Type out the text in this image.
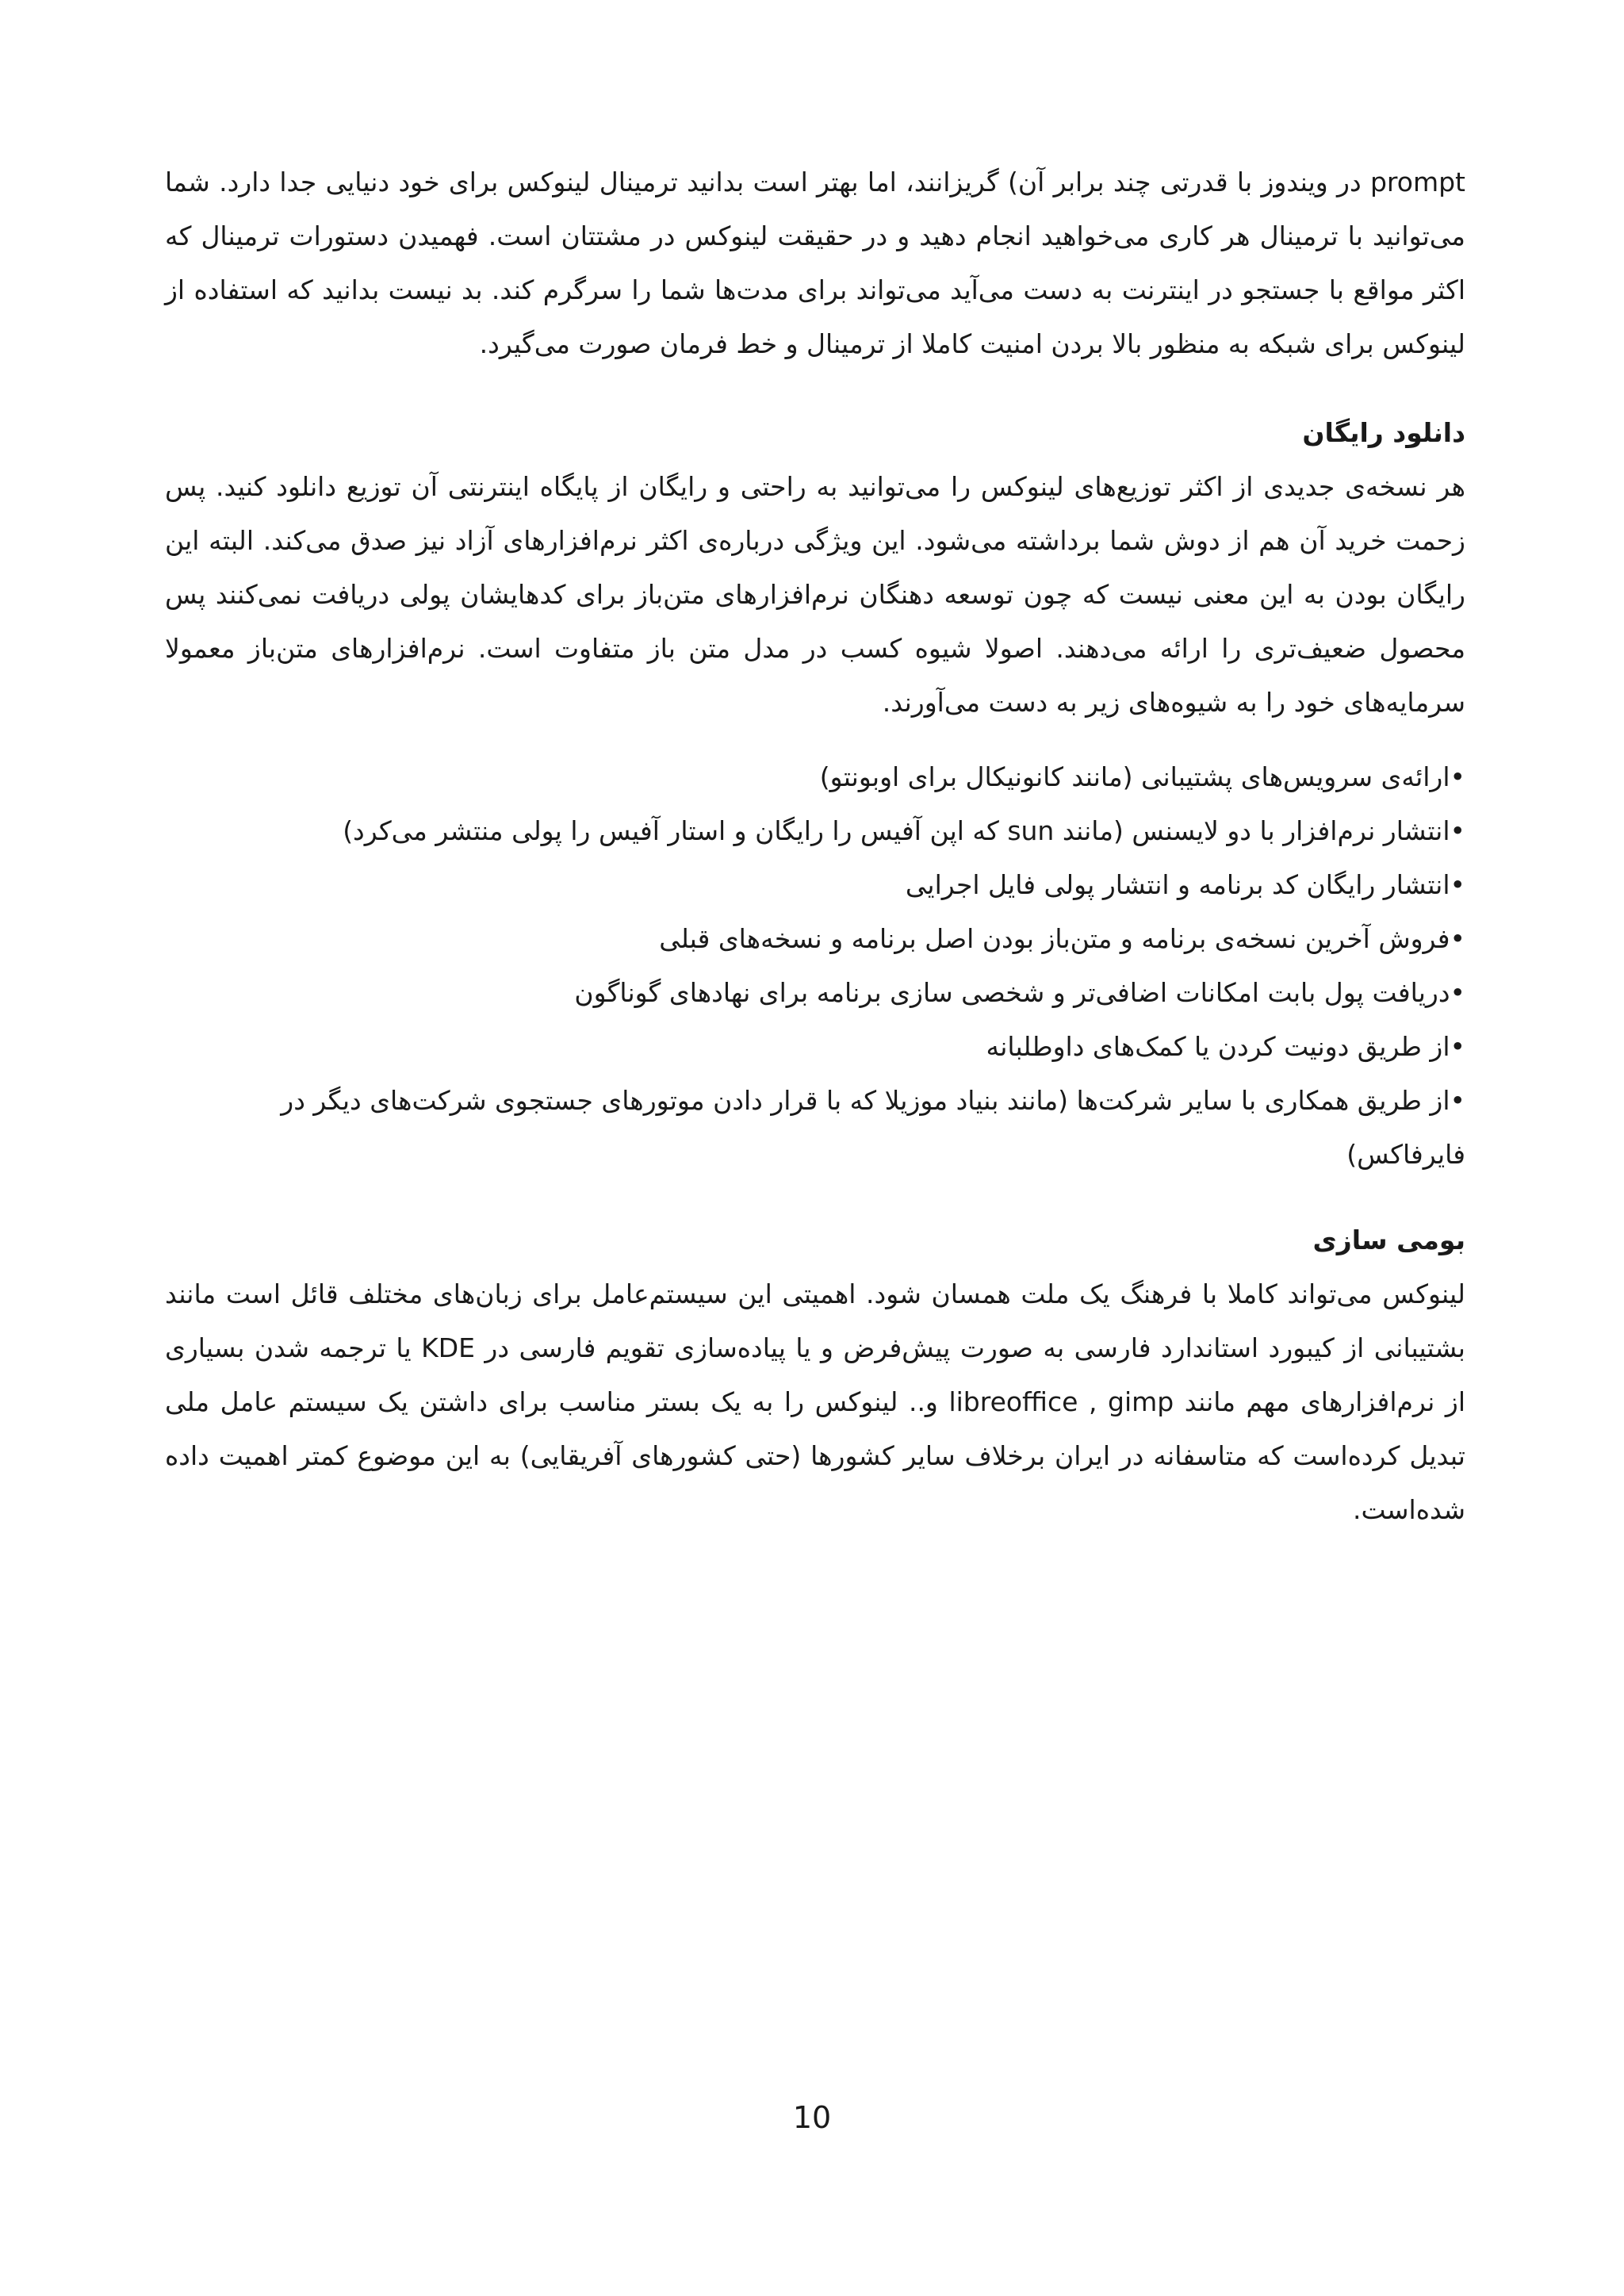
prompt در ویندوز با قدرتی چند برابر آن) گریزانند، اما بهتر است بدانید ترمینال لینوکس برای خود دنیایی جدا دارد. شما می‌توانید با ترمینال هر کاری می‌خواهید انجام دهید و در حقیقت لینوکس در مشتتان است. فهمیدن دستورات ترمینال که اکثر مواقع با جستجو در اینترنت به دست می‌آید می‌تواند برای مدت‌ها شما را سرگرم کند. بد نیست بدانید که استفاده از لینوکس برای شبکه به منظور بالا بردن امنیت کاملا از ترمینال و خط فرمان صورت می‌گیرد.

دانلود رایگان

هر نسخه‌ی جدیدی از اکثر توزیع‌های لینوکس را می‌توانید به راحتی و رایگان از پایگاه اینترنتی آن توزیع دانلود کنید. پس زحمت خرید آن هم از دوش شما برداشته می‌شود. این ویژگی درباره‌ی اکثر نرم‌افزارهای آزاد نیز صدق می‌کند. البته این رایگان بودن به این معنی نیست که چون توسعه دهنگان نرم‌افزارهای متن‌باز برای کدهایشان پولی دریافت نمی‌کنند پس محصول ضعیف‌تری را ارائه می‌دهند. اصولا شیوه کسب در مدل متن باز متفاوت است. نرم‌افزارهای متن‌باز معمولا سرمایه‌های خود را به شیوه‌های زیر به دست می‌آورند.

•ارائه‌ی سرویس‌های پشتیبانی (مانند کانونیکال برای اوبونتو)
•انتشار نرم‌افزار با دو لایسنس (مانند sun که اپن آفیس را رایگان و استار آفیس را پولی منتشر می‌کرد)
•انتشار رایگان کد برنامه و انتشار پولی فایل اجرایی
•فروش آخرین نسخه‌ی برنامه و متن‌باز بودن اصل برنامه و نسخه‌های قبلی
•دریافت پول بابت امکانات اضافی‌تر و شخصی سازی برنامه برای نهادهای گوناگون
•از طریق دونیت کردن یا کمک‌های داوطلبانه
•از طریق همکاری با سایر شرکت‌ها (مانند بنیاد موزیلا که با قرار دادن موتورهای جستجوی شرکت‌های دیگر در فایرفاکس)
بومی سازی

لینوکس می‌تواند کاملا با فرهنگ یک ملت همسان شود. اهمیتی این سیستم‌عامل برای زبان‌های مختلف قائل است مانند بشتیبانی از کیبورد استاندارد فارسی به صورت پیش‌فرض و یا پیاده‌سازی تقویم فارسی در KDE یا ترجمه شدن بسیاری از نرم‌افزارهای مهم مانند libreoffice , gimp و.. لینوکس را به یک بستر مناسب برای داشتن یک سیستم عامل ملی تبدیل کرده‌است که متاسفانه در ایران برخلاف سایر کشورها (حتی کشورهای آفریقایی) به این موضوع کمتر اهمیت داده شده‌است.

10
